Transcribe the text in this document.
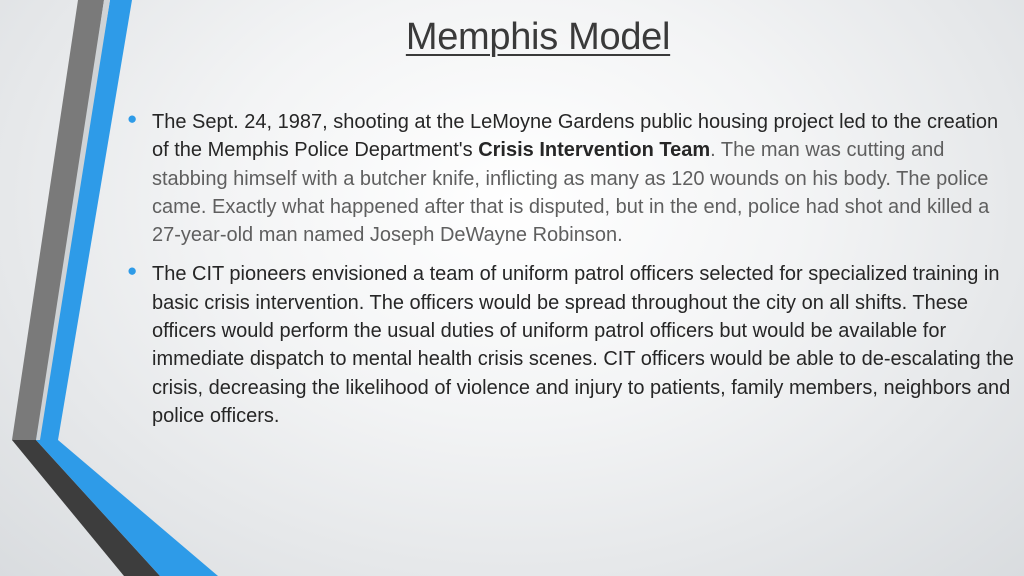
Memphis Model
● The Sept. 24, 1987, shooting at the LeMoyne Gardens public housing project led to the creation of the Memphis Police Department's Crisis Intervention Team. The man was cutting and stabbing himself with a butcher knife, inflicting as many as 120 wounds on his body. The police came. Exactly what happened after that is disputed, but in the end, police had shot and killed a 27-year-old man named Joseph DeWayne Robinson.
● The CIT pioneers envisioned a team of uniform patrol officers selected for specialized training in basic crisis intervention. The officers would be spread throughout the city on all shifts. These officers would perform the usual duties of uniform patrol officers but would be available for immediate dispatch to mental health crisis scenes. CIT officers would be able to de-escalating the crisis, decreasing the likelihood of violence and injury to patients, family members, neighbors and police officers.
